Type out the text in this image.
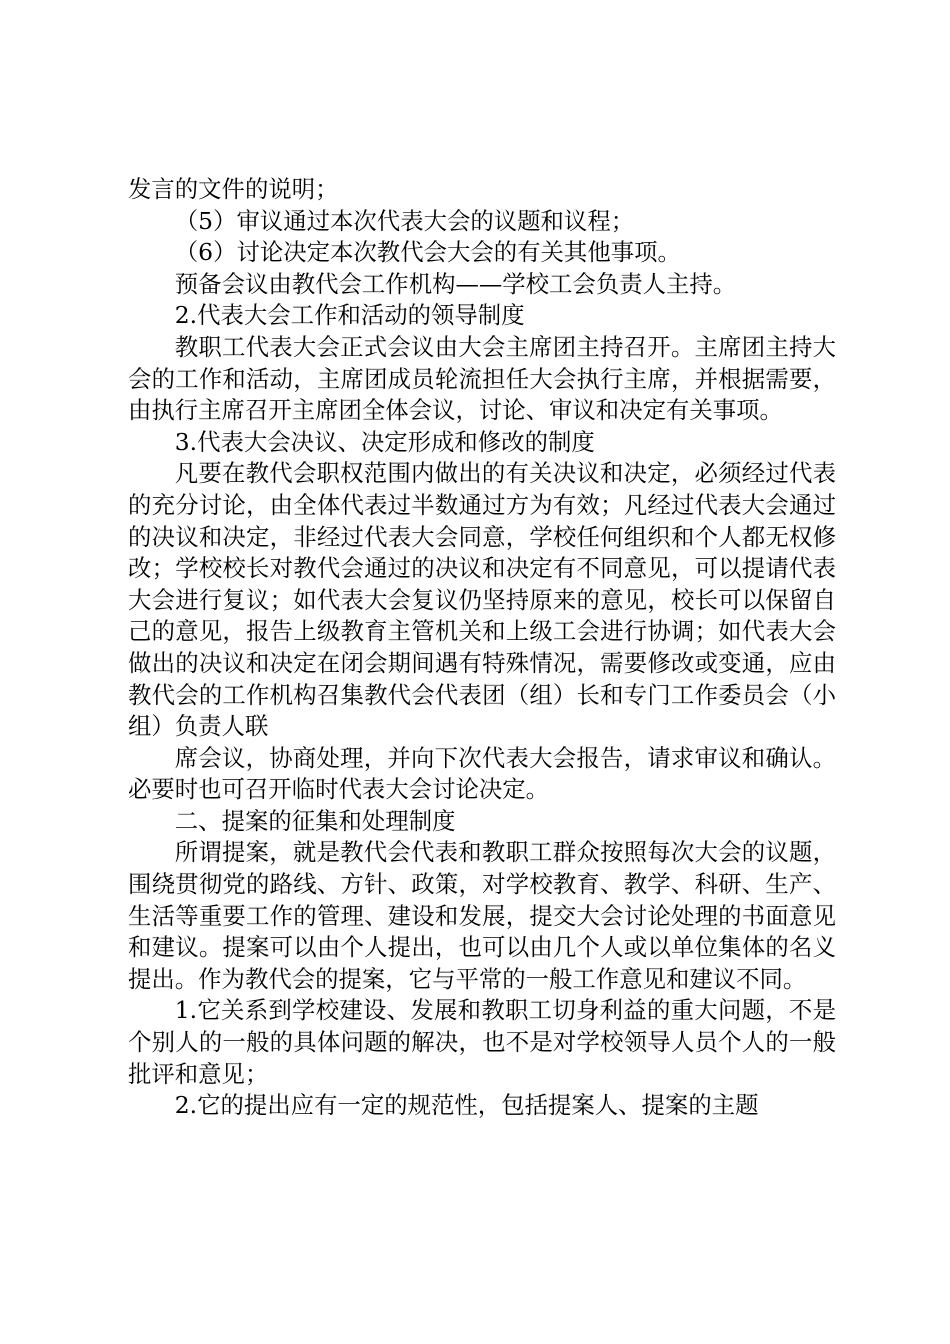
发言的文件的说明；

（5）审议通过本次代表大会的议题和议程；

（6）讨论决定本次教代会大会的有关其他事项。

预备会议由教代会工作机构——学校工会负责人主持。

2.代表大会工作和活动的领导制度

教职工代表大会正式会议由大会主席团主持召开。主席团主持大会的工作和活动，主席团成员轮流担任大会执行主席，并根据需要，由执行主席召开主席团全体会议，讨论、审议和决定有关事项。

3.代表大会决议、决定形成和修改的制度

凡要在教代会职权范围内做出的有关决议和决定，必须经过代表的充分讨论，由全体代表过半数通过方为有效；凡经过代表大会通过的决议和决定，非经过代表大会同意，学校任何组织和个人都无权修改；学校校长对教代会通过的决议和决定有不同意见，可以提请代表大会进行复议；如代表大会复议仍坚持原来的意见，校长可以保留自己的意见，报告上级教育主管机关和上级工会进行协调；如代表大会做出的决议和决定在闭会期间遇有特殊情况，需要修改或变通，应由教代会的工作机构召集教代会代表团（组）长和专门工作委员会（小组）负责人联

席会议，协商处理，并向下次代表大会报告，请求审议和确认。必要时也可召开临时代表大会讨论决定。

二、提案的征集和处理制度

所谓提案，就是教代会代表和教职工群众按照每次大会的议题，围绕贯彻党的路线、方针、政策，对学校教育、教学、科研、生产、生活等重要工作的管理、建设和发展，提交大会讨论处理的书面意见和建议。提案可以由个人提出，也可以由几个人或以单位集体的名义提出。作为教代会的提案，它与平常的一般工作意见和建议不同。

1.它关系到学校建设、发展和教职工切身利益的重大问题，不是个别人的一般的具体问题的解决，也不是对学校领导人员个人的一般批评和意见；

2.它的提出应有一定的规范性，包括提案人、提案的主题
